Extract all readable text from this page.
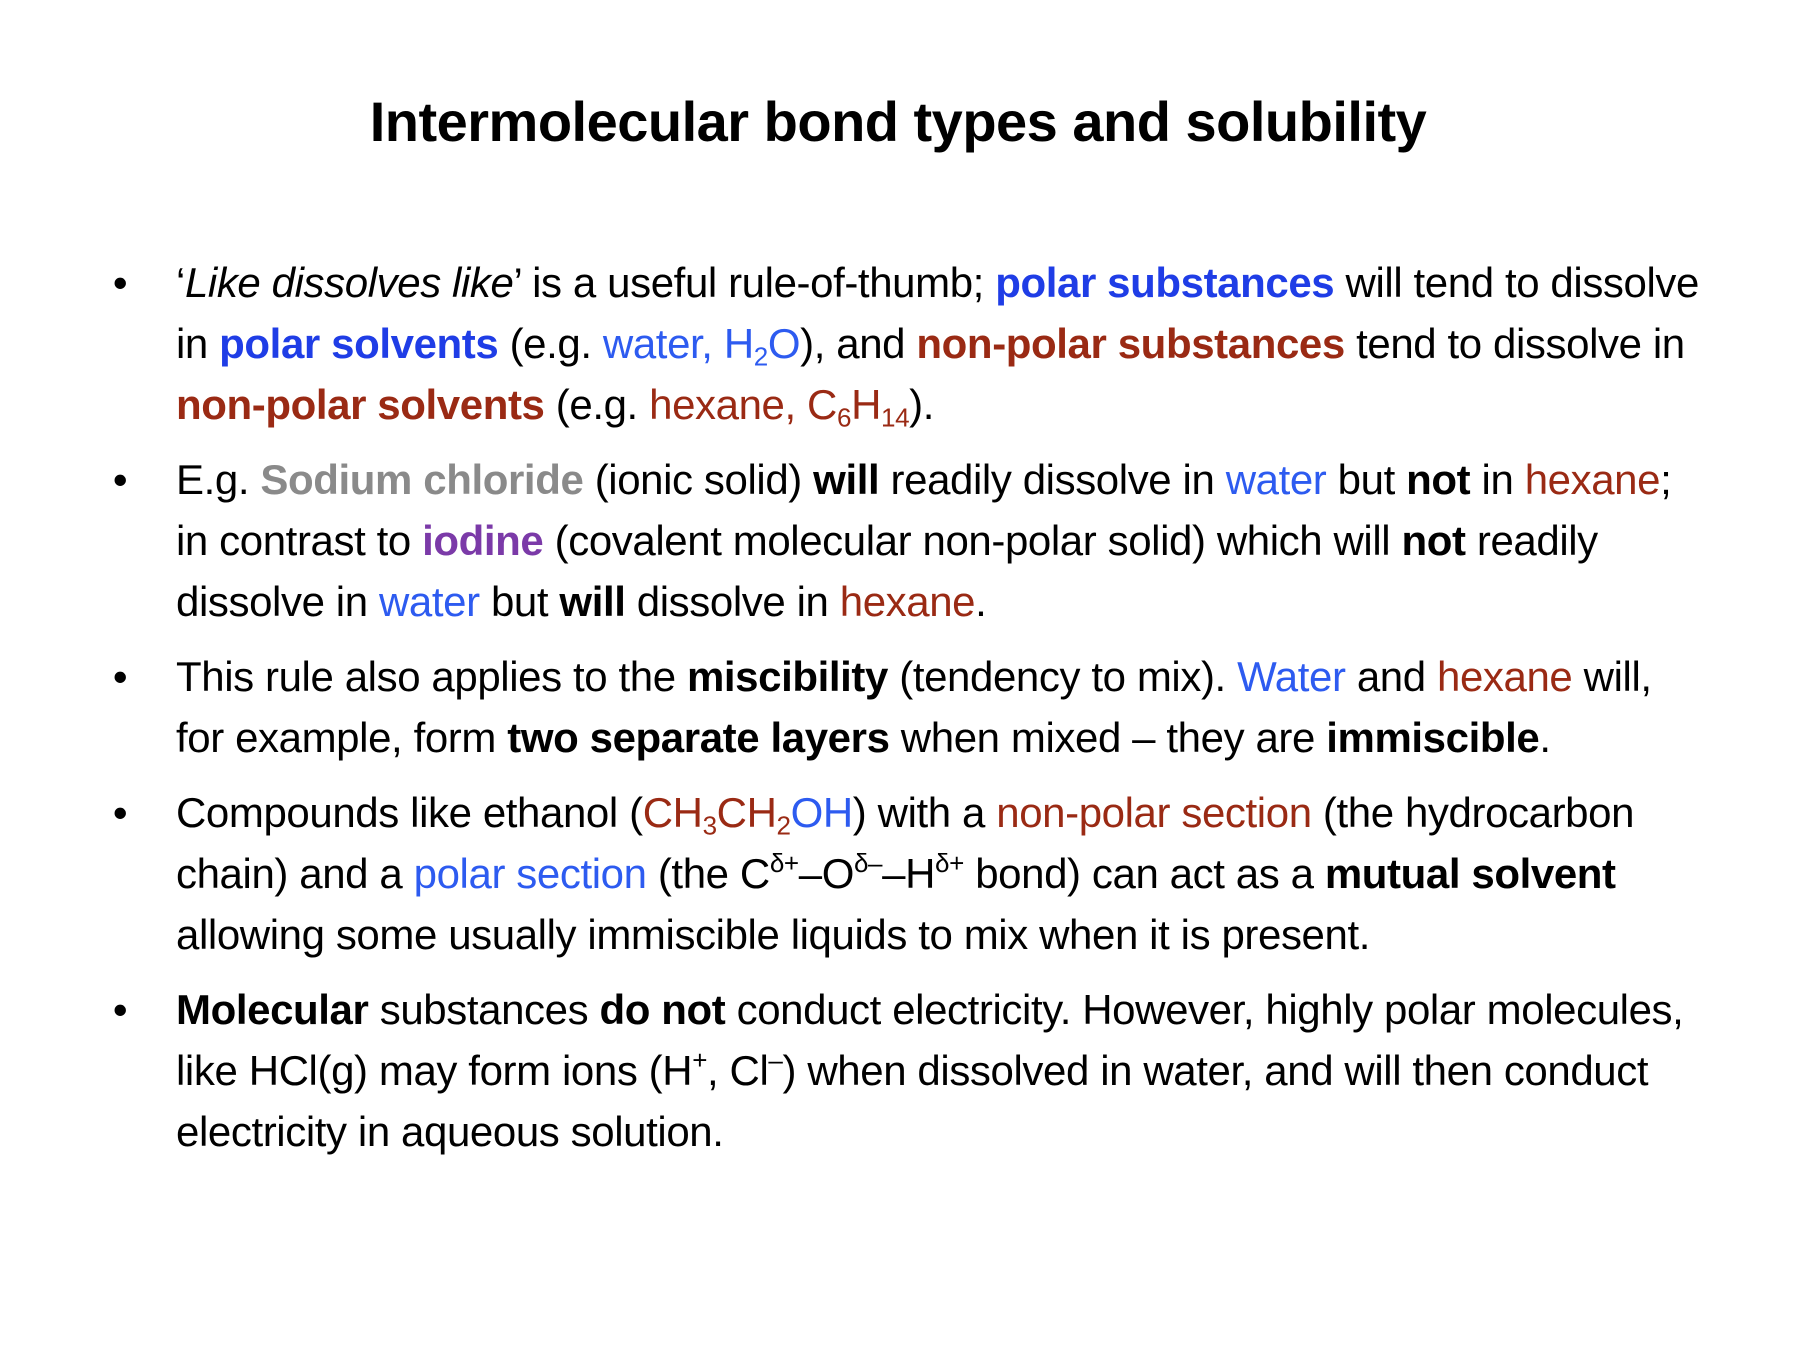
Intermolecular bond types and solubility
• ‘Like dissolves like’ is a useful rule-of-thumb; polar substances will tend to dissolve in polar solvents (e.g. water, $H_2O$), and non-polar substances tend to dissolve in non-polar solvents (e.g. hexane, $C_6H_{14}$).
• E.g. Sodium chloride (ionic solid) will readily dissolve in water but not in hexane; in contrast to iodine (covalent molecular non-polar solid) which will not readily dissolve in water but will dissolve in hexane.
• This rule also applies to the miscibility (tendency to mix). Water and hexane will, for example, form two separate layers when mixed – they are immiscible.
• Compounds like ethanol $(CH_3CH_2OH)$ with a non-polar section (the hydrocarbon chain) and a polar section (the $C^{\delta+}-O^{\delta-}-H^{\delta+}$ bond) can act as a mutual solvent allowing some usually immiscible liquids to mix when it is present.
• Molecular substances do not conduct electricity. However, highly polar molecules, like HCl(g) may form ions (H+, Cl–) when dissolved in water, and will then conduct electricity in aqueous solution.
